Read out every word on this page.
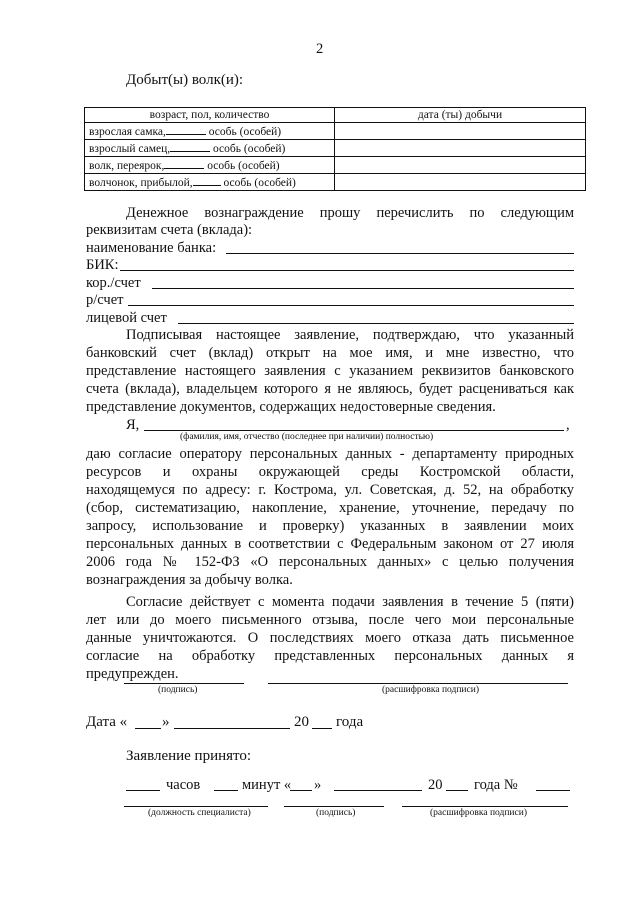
2
Добыт(ы) волк(и):
возраст, пол, количество	дата (ты) добычи
взрослая самка, особь (особей)	
взрослый самец, особь (особей)	
волк, переярок, особь (особей)	
волчонок, прибылой, особь (особей)	
Денежное вознаграждение прошу перечислить по следующим
реквизитам счета (вклада):
наименование банка:
БИК:
кор./счет
р/счет
лицевой счет
Подписывая настоящее заявление, подтверждаю, что указанный
банковский счет (вклад) открыт на мое имя, и мне известно, что
представление настоящего заявления с указанием реквизитов банковского
счета (вклада), владельцем которого я не являюсь, будет расцениваться как
представление документов, содержащих недостоверные сведения.
Я,	,
(фамилия, имя, отчество (последнее при наличии) полностью)
даю согласие оператору персональных данных - департаменту природных
ресурсов и охраны окружающей среды Костромской области,
находящемуся по адресу: г. Кострома, ул. Советская, д. 52, на обработку
(сбор, систематизацию, накопление, хранение, уточнение, передачу по
запросу, использование и проверку) указанных в заявлении моих
персональных данных в соответствии с Федеральным законом от 27 июля
2006 года № 152-ФЗ «О персональных данных» с целью получения
вознаграждения за добычу волка.
Согласие действует с момента подачи заявления в течение 5 (пяти)
лет или до моего письменного отзыва, после чего мои персональные
данные уничтожаются. О последствиях моего отказа дать письменное
согласие на обработку представленных персональных данных я
предупрежден.
(подпись)	(расшифровка подписи)
Дата « »	20 года
Заявление принято:
часов	минут « »	20 года №
(должность специалиста)	(подпись)	(расшифровка подписи)
